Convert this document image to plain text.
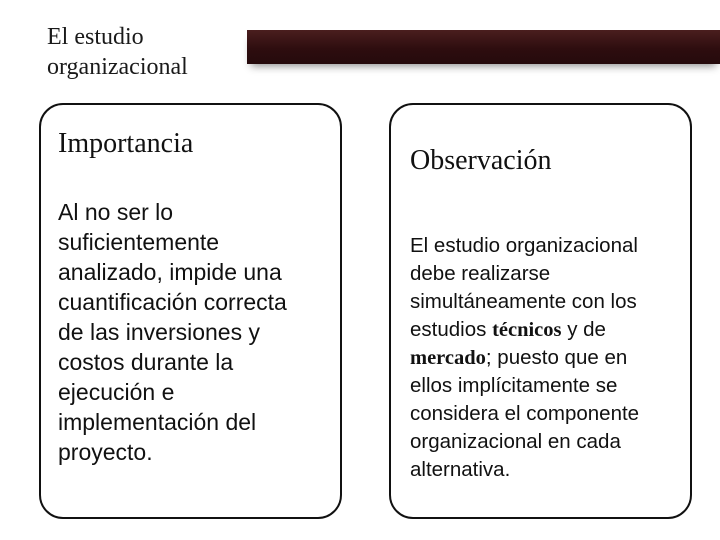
El estudio
organizacional
Importancia
Al no ser lo
suficientemente
analizado, impide una
cuantificación correcta
de las inversiones y
costos durante la
ejecución e
implementación del
proyecto.
Observación
El estudio organizacional
debe realizarse
simultáneamente con los
estudios técnicos y de
mercado; puesto que en
ellos implícitamente se
considera el componente
organizacional en cada
alternativa.
